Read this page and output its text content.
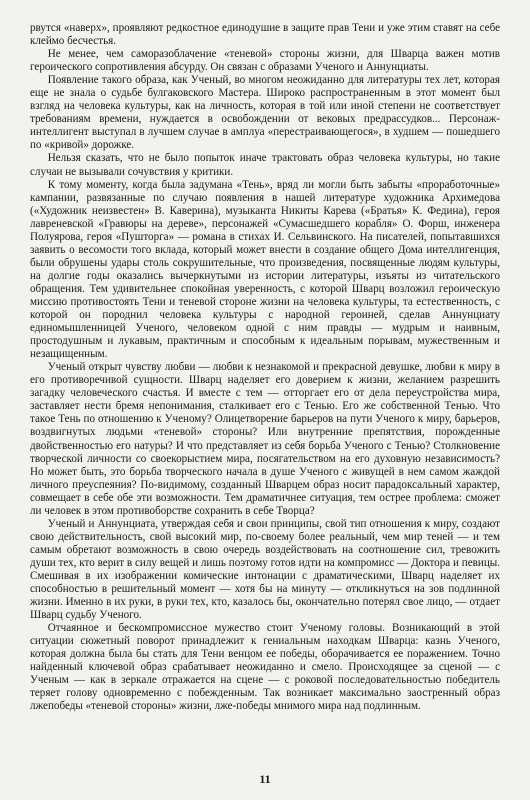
рвутся «наверх», проявляют редкостное единодушие в защите прав Тени и уже этим ставят на себе клеймо бесчестья.

Не менее, чем саморазоблачение «теневой» стороны жизни, для Шварца важен мотив героического сопротивления абсурду. Он связан с образами Ученого и Аннунциаты.

Появление такого образа, как Ученый, во многом неожиданно для литературы тех лет, которая еще не знала о судьбе булгаковского Мастера. Широко распространенным в этот момент был взгляд на человека культуры, как на личность, которая в той или иной степени не соответствует требованиям времени, нуждается в освобождении от вековых предрассудков... Персонаж-интеллигент выступал в лучшем случае в амплуа «перестраивающегося», в худшем — пошедшего по «кривой» дорожке.

Нельзя сказать, что не было попыток иначе трактовать образ человека культуры, но такие случаи не вызывали сочувствия у критики.

К тому моменту, когда была задумана «Тень», вряд ли могли быть забыты «проработочные» кампании, развязанные по случаю появления в нашей литературе художника Архимедова («Художник неизвестен» В. Каверина), музыканта Никиты Карева («Братья» К. Федина), героя лавреневской «Гравюры на дереве», персонажей «Сумасшедшего корабля» О. Форш, инженера Полуярова, героя «Пушторга» — романа в стихах И. Сельвинского. На писателей, попытавшихся заявить о весомости того вклада, который может внести в создание общего Дома интеллигенция, были обрушены удары столь сокрушительные, что произведения, посвященные людям культуры, на долгие годы оказались вычеркнутыми из истории литературы, изъяты из читательского обращения. Тем удивительнее спокойная уверенность, с которой Шварц возложил героическую миссию противостоять Тени и теневой стороне жизни на человека культуры, та естественность, с которой он породнил человека культуры с народной героиней, сделав Аннунциату единомышленницей Ученого, человеком одной с ним правды — мудрым и наивным, простодушным и лукавым, практичным и способным к идеальным порывам, мужественным и незащищенным.

Ученый открыт чувству любви — любви к незнакомой и прекрасной девушке, любви к миру в его противоречивой сущности. Шварц наделяет его доверием к жизни, желанием разрешить загадку человеческого счастья. И вместе с тем — отторгает его от дела переустройства мира, заставляет нести бремя непонимания, сталкивает его с Тенью. Его же собственной Тенью. Что такое Тень по отношению к Ученому? Олицетворение барьеров на пути Ученого к миру, барьеров, воздвигнутых людьми «теневой» стороны? Или внутренние препятствия, порожденные двойственностью его натуры? И что представляет из себя борьба Ученого с Тенью? Столкновение творческой личности со своекорыстием мира, посягательством на его духовную независимость? Но может быть, это борьба творческого начала в душе Ученого с живущей в нем самом жаждой личного преуспеяния? По-видимому, созданный Шварцем образ носит парадоксальный характер, совмещает в себе обе эти возможности. Тем драматичнее ситуация, тем острее проблема: сможет ли человек в этом противоборстве сохранить в себе Творца?

Ученый и Аннунциата, утверждая себя и свои принципы, свой тип отношения к миру, создают свою действительность, свой высокий мир, по-своему более реальный, чем мир теней — и тем самым обретают возможность в свою очередь воздействовать на соотношение сил, тревожить души тех, кто верит в силу вещей и лишь поэтому готов идти на компромисс — Доктора и певицы. Смешивая в их изображении комические интонации с драматическими, Шварц наделяет их способностью в решительный момент — хотя бы на минуту — откликнуться на зов подлинной жизни. Именно в их руки, в руки тех, кто, казалось бы, окончательно потерял свое лицо, — отдает Шварц судьбу Ученого.

Отчаянное и бескомпромиссное мужество стоит Ученому головы. Возникающий в этой ситуации сюжетный поворот принадлежит к гениальным находкам Шварца: казнь Ученого, которая должна была бы стать для Тени венцом ее победы, оборачивается ее поражением. Точно найденный ключевой образ срабатывает неожиданно и смело. Происходящее за сценой — с Ученым — как в зеркале отражается на сцене — с роковой последовательностью победитель теряет голову одновременно с побежденным. Так возникает максимально заостренный образ лжепобеды «теневой стороны» жизни, лже-победы мнимого мира над подлинным.

11
